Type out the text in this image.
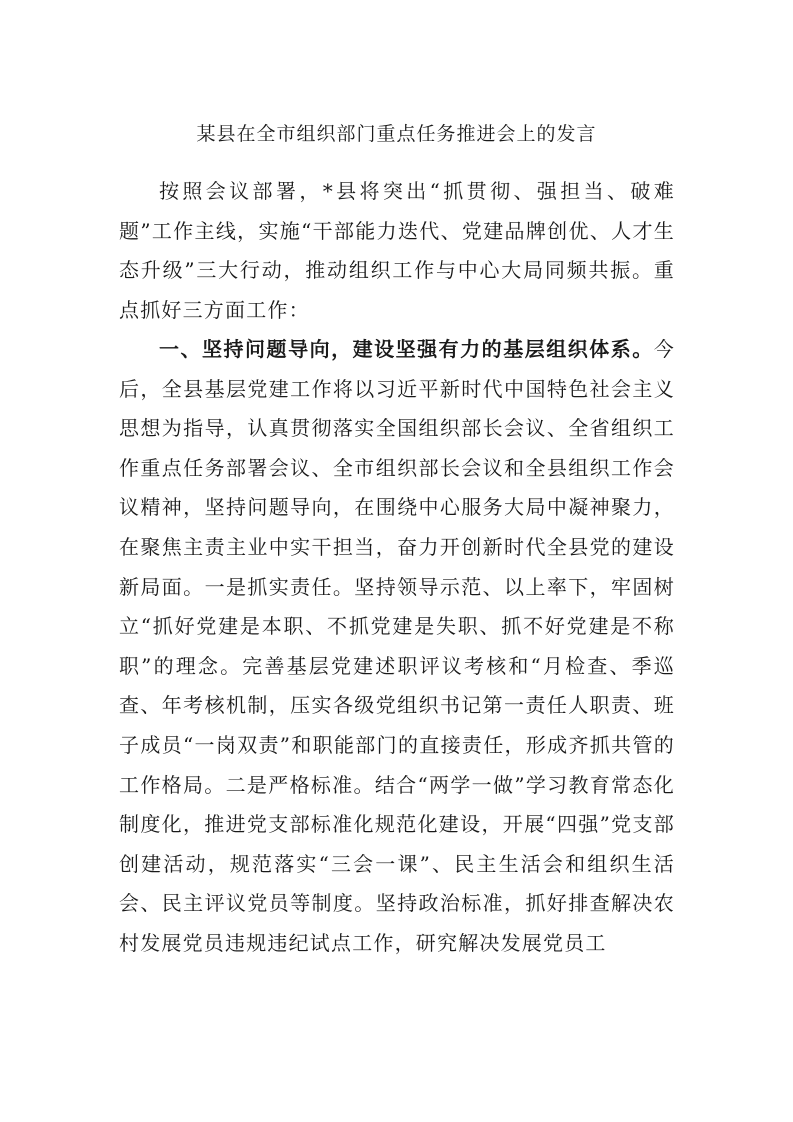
某县在全市组织部门重点任务推进会上的发言

按照会议部署，*县将突出“抓贯彻、强担当、破难题”工作主线，实施“干部能力迭代、党建品牌创优、人才生态升级”三大行动，推动组织工作与中心大局同频共振。重点抓好三方面工作：

一、坚持问题导向，建设坚强有力的基层组织体系。今后，全县基层党建工作将以习近平新时代中国特色社会主义思想为指导，认真贯彻落实全国组织部长会议、全省组织工作重点任务部署会议、全市组织部长会议和全县组织工作会议精神，坚持问题导向，在围绕中心服务大局中凝神聚力，在聚焦主责主业中实干担当，奋力开创新时代全县党的建设新局面。一是抓实责任。坚持领导示范、以上率下，牢固树立“抓好党建是本职、不抓党建是失职、抓不好党建是不称职”的理念。完善基层党建述职评议考核和“月检查、季巡查、年考核机制，压实各级党组织书记第一责任人职责、班子成员“一岗双责”和职能部门的直接责任，形成齐抓共管的工作格局。二是严格标准。结合“两学一做”学习教育常态化制度化，推进党支部标准化规范化建设，开展“四强”党支部创建活动，规范落实“三会一课”、民主生活会和组织生活会、民主评议党员等制度。坚持政治标准，抓好排查解决农村发展党员违规违纪试点工作，研究解决发展党员工
